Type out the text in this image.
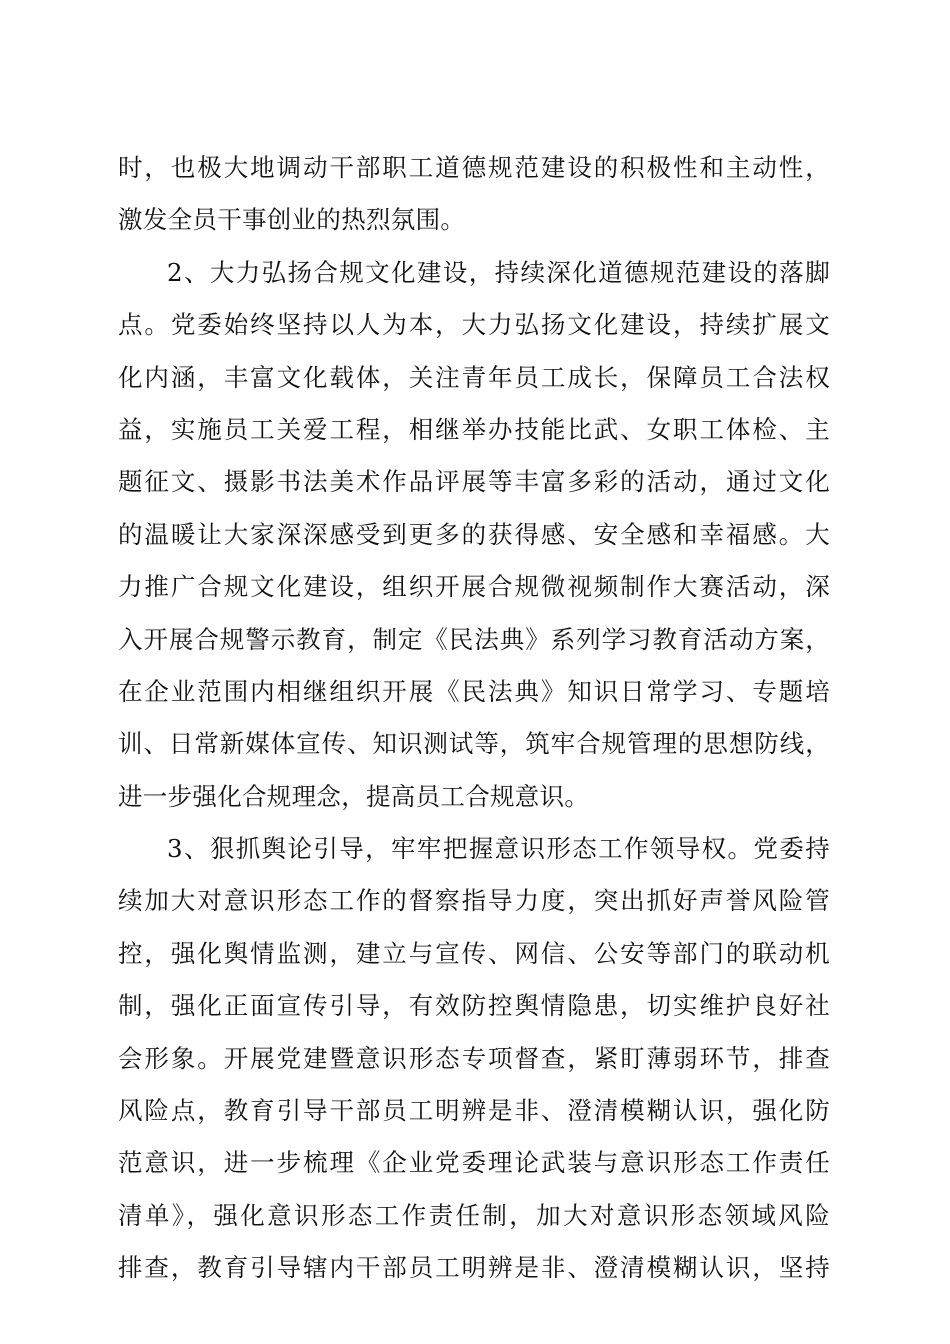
时，也极大地调动干部职工道德规范建设的积极性和主动性，
激发全员干事创业的热烈氛围。
2、大力弘扬合规文化建设，持续深化道德规范建设的落脚
点。党委始终坚持以人为本，大力弘扬文化建设，持续扩展文
化内涵，丰富文化载体，关注青年员工成长，保障员工合法权
益，实施员工关爱工程，相继举办技能比武、女职工体检、主
题征文、摄影书法美术作品评展等丰富多彩的活动，通过文化
的温暖让大家深深感受到更多的获得感、安全感和幸福感。大
力推广合规文化建设，组织开展合规微视频制作大赛活动，深
入开展合规警示教育，制定《民法典》系列学习教育活动方案，
在企业范围内相继组织开展《民法典》知识日常学习、专题培
训、日常新媒体宣传、知识测试等，筑牢合规管理的思想防线，
进一步强化合规理念，提高员工合规意识。
3、狠抓舆论引导，牢牢把握意识形态工作领导权。党委持
续加大对意识形态工作的督察指导力度，突出抓好声誉风险管
控，强化舆情监测，建立与宣传、网信、公安等部门的联动机
制，强化正面宣传引导，有效防控舆情隐患，切实维护良好社
会形象。开展党建暨意识形态专项督查，紧盯薄弱环节，排查
风险点，教育引导干部员工明辨是非、澄清模糊认识，强化防
范意识，进一步梳理《企业党委理论武装与意识形态工作责任
清单》，强化意识形态工作责任制，加大对意识形态领域风险
排查，教育引导辖内干部员工明辨是非、澄清模糊认识，坚持
